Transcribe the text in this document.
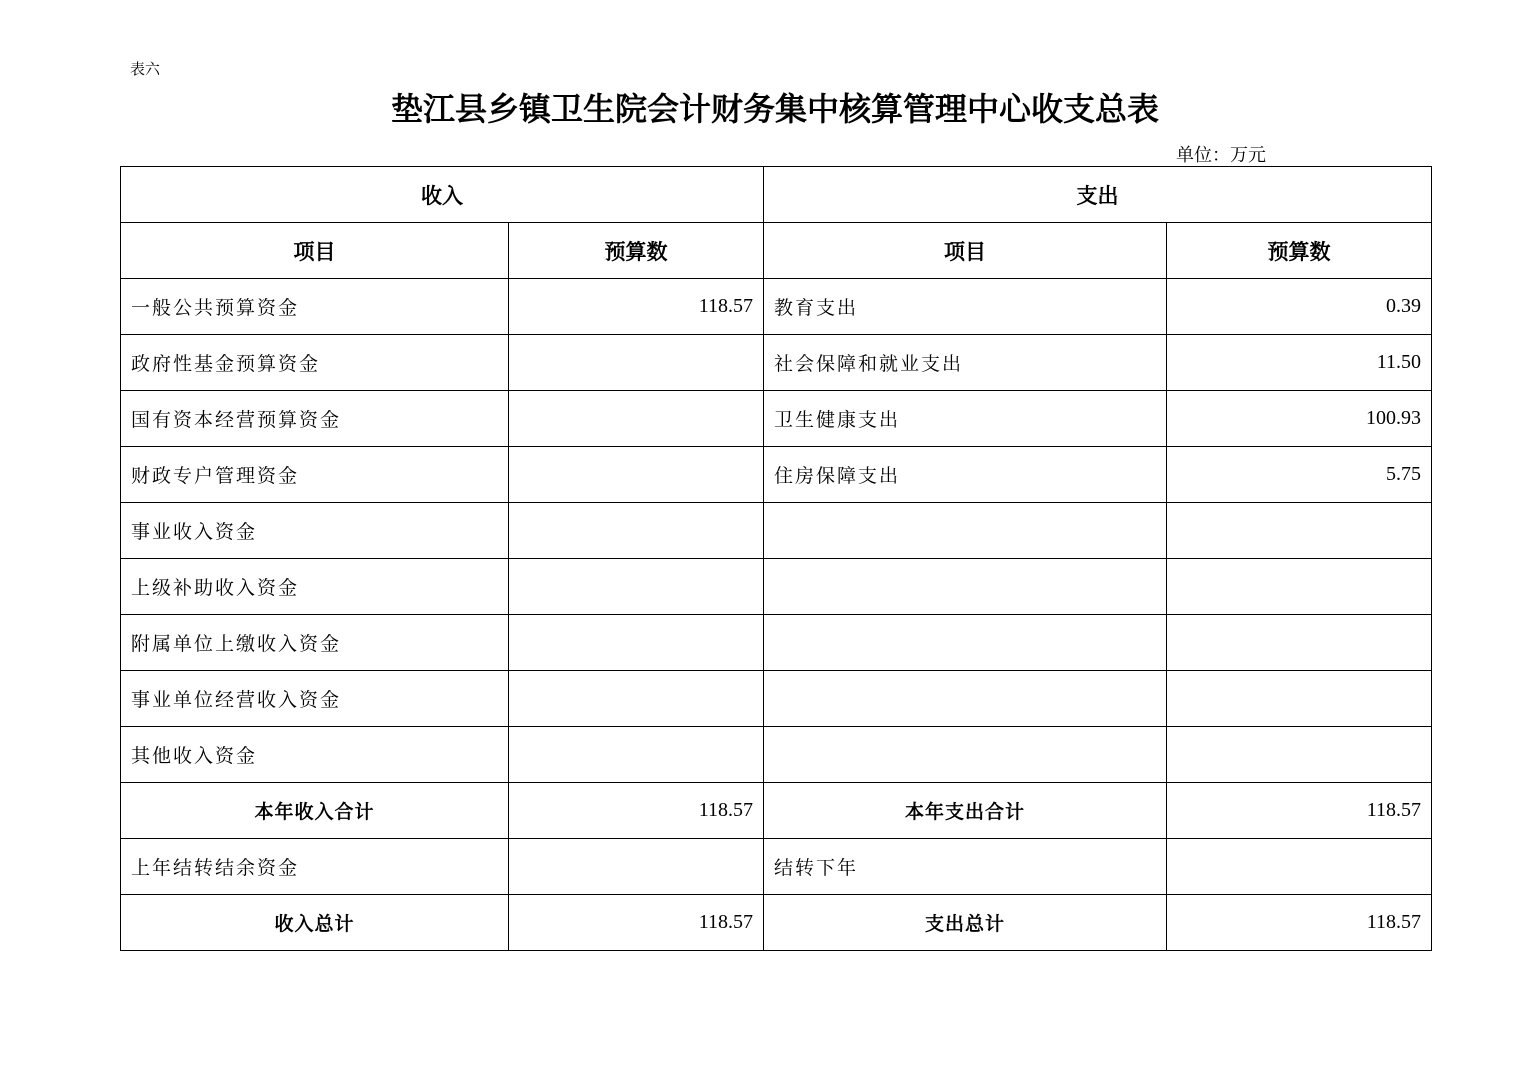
表六
垫江县乡镇卫生院会计财务集中核算管理中心收支总表
单位：万元
收入		支出	
项目	预算数	项目	预算数
一般公共预算资金	118.57	教育支出	0.39
政府性基金预算资金		社会保障和就业支出	11.50
国有资本经营预算资金		卫生健康支出	100.93
财政专户管理资金		住房保障支出	5.75
事业收入资金			
上级补助收入资金			
附属单位上缴收入资金			
事业单位经营收入资金			
其他收入资金			
本年收入合计	118.57	本年支出合计	118.57
上年结转结余资金		结转下年	
收入总计	118.57	支出总计	118.57
